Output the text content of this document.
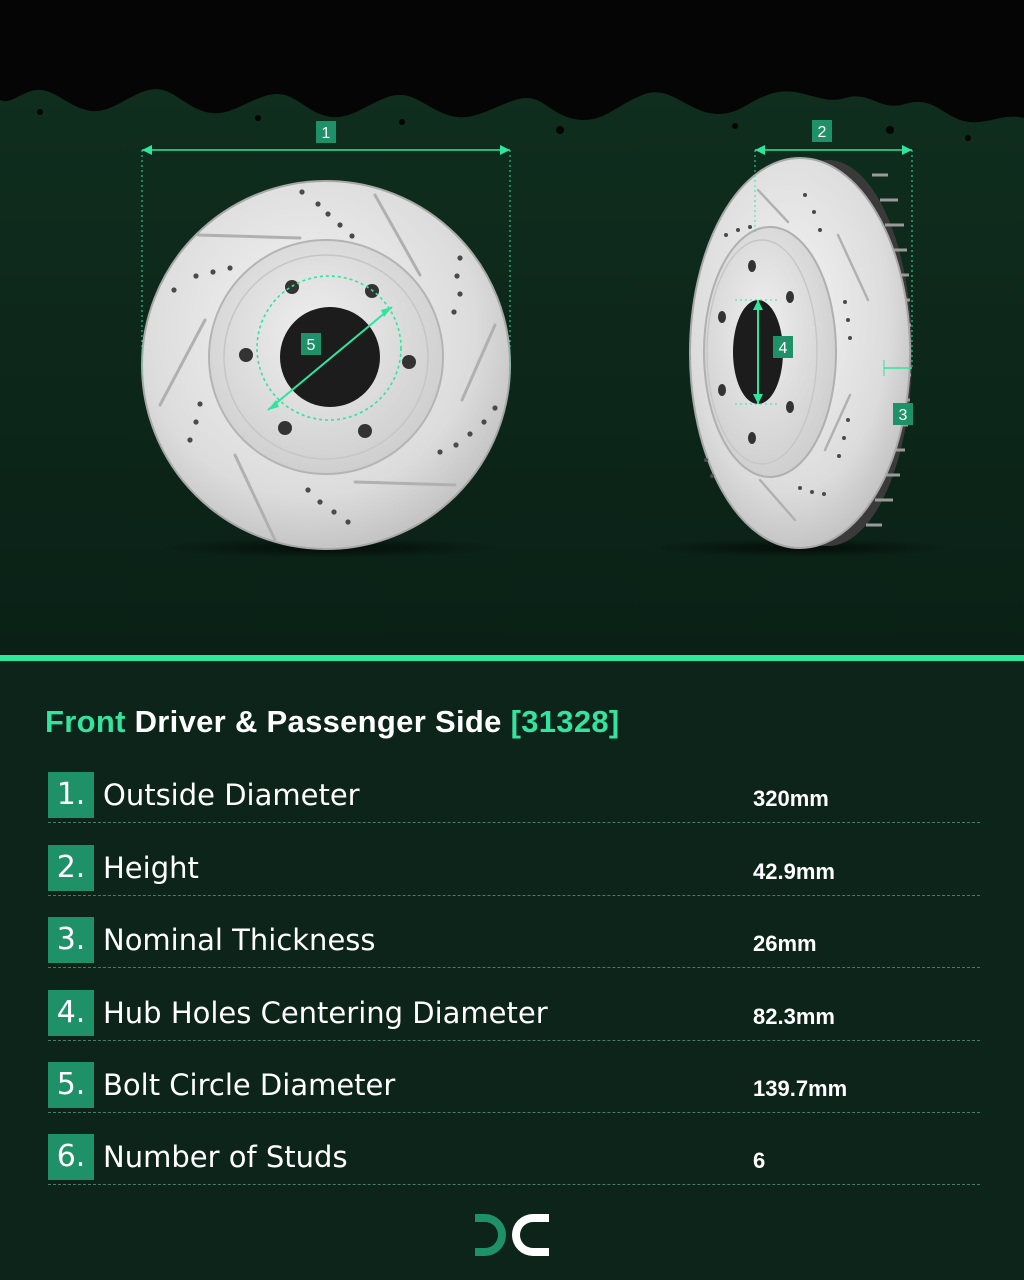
1	2
3
4
5
Front Driver & Passenger Side [31328]
1. Outside Diameter	320mm
2. Height	42.9mm
3. Nominal Thickness	26mm
4. Hub Holes Centering Diameter	82.3mm
5. Bolt Circle Diameter	139.7mm
6. Number of Studs	6
